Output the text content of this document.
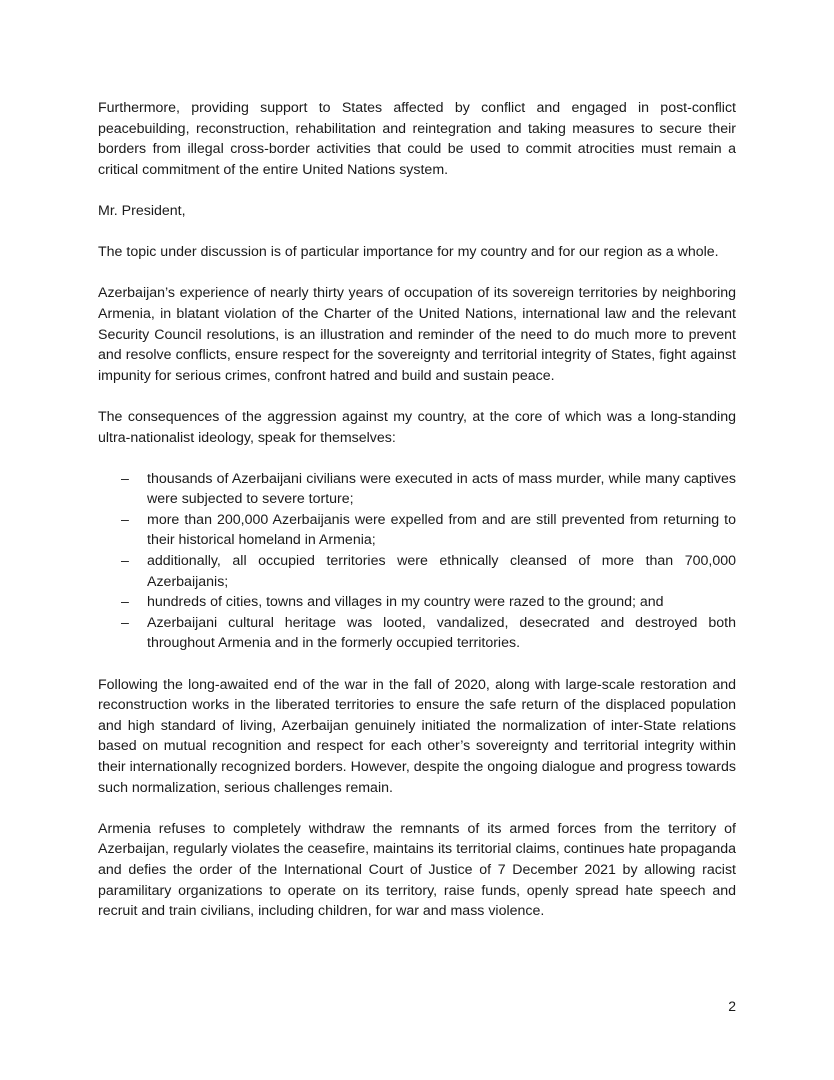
Furthermore, providing support to States affected by conflict and engaged in post-conflict peacebuilding, reconstruction, rehabilitation and reintegration and taking measures to secure their borders from illegal cross-border activities that could be used to commit atrocities must remain a critical commitment of the entire United Nations system.

Mr. President,

The topic under discussion is of particular importance for my country and for our region as a whole.

Azerbaijan’s experience of nearly thirty years of occupation of its sovereign territories by neighboring Armenia, in blatant violation of the Charter of the United Nations, international law and the relevant Security Council resolutions, is an illustration and reminder of the need to do much more to prevent and resolve conflicts, ensure respect for the sovereignty and territorial integrity of States, fight against impunity for serious crimes, confront hatred and build and sustain peace.

The consequences of the aggression against my country, at the core of which was a long-standing ultra-nationalist ideology, speak for themselves:

– thousands of Azerbaijani civilians were executed in acts of mass murder, while many captives were subjected to severe torture;
– more than 200,000 Azerbaijanis were expelled from and are still prevented from returning to their historical homeland in Armenia;
– additionally, all occupied territories were ethnically cleansed of more than 700,000 Azerbaijanis;
– hundreds of cities, towns and villages in my country were razed to the ground; and
– Azerbaijani cultural heritage was looted, vandalized, desecrated and destroyed both throughout Armenia and in the formerly occupied territories.

Following the long-awaited end of the war in the fall of 2020, along with large-scale restoration and reconstruction works in the liberated territories to ensure the safe return of the displaced population and high standard of living, Azerbaijan genuinely initiated the normalization of inter-State relations based on mutual recognition and respect for each other’s sovereignty and territorial integrity within their internationally recognized borders. However, despite the ongoing dialogue and progress towards such normalization, serious challenges remain.

Armenia refuses to completely withdraw the remnants of its armed forces from the territory of Azerbaijan, regularly violates the ceasefire, maintains its territorial claims, continues hate propaganda and defies the order of the International Court of Justice of 7 December 2021 by allowing racist paramilitary organizations to operate on its territory, raise funds, openly spread hate speech and recruit and train civilians, including children, for war and mass violence.

2
